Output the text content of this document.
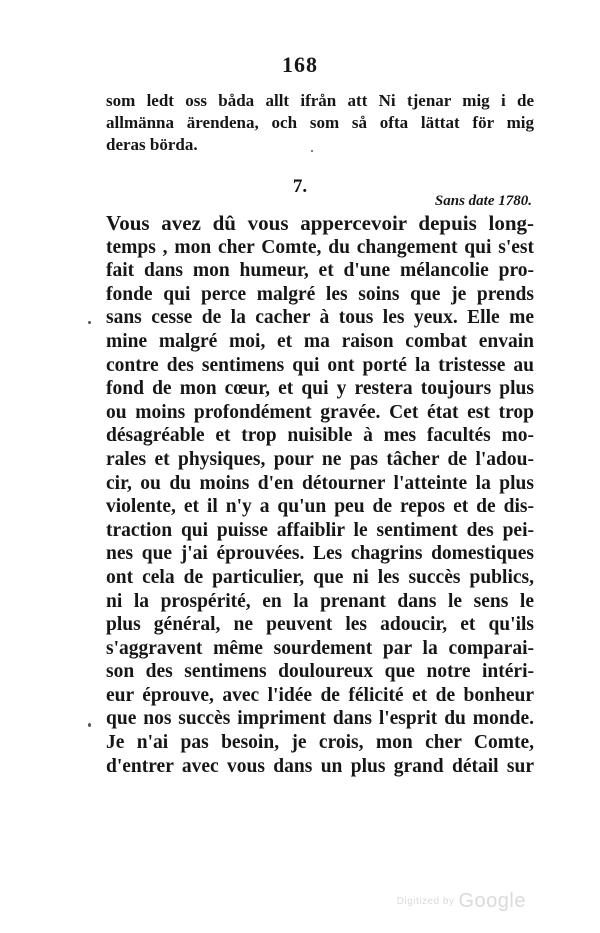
168
som ledt oss båda allt ifrån att Ni tjenar mig i de
allmänna ärendena, och som så ofta lättat för mig
deras börda.
7.
Sans date 1780.
Vous avez dû vous appercevoir depuis long-
temps , mon cher Comte, du changement qui s'est
fait dans mon humeur, et d'une mélancolie pro-
fonde qui perce malgré les soins que je prends
sans cesse de la cacher à tous les yeux. Elle me
mine malgré moi, et ma raison combat envain
contre des sentimens qui ont porté la tristesse au
fond de mon cœur, et qui y restera toujours plus
ou moins profondément gravée. Cet état est trop
désagréable et trop nuisible à mes facultés mo-
rales et physiques, pour ne pas tâcher de l'adou-
cir, ou du moins d'en détourner l'atteinte la plus
violente, et il n'y a qu'un peu de repos et de dis-
traction qui puisse affaiblir le sentiment des pei-
nes que j'ai éprouvées. Les chagrins domestiques
ont cela de particulier, que ni les succès publics,
ni la prospérité, en la prenant dans le sens le
plus général, ne peuvent les adoucir, et qu'ils
s'aggravent même sourdement par la comparai-
son des sentimens douloureux que notre intéri-
eur éprouve, avec l'idée de félicité et de bonheur
que nos succès impriment dans l'esprit du monde.
Je n'ai pas besoin, je crois, mon cher Comte,
d'entrer avec vous dans un plus grand détail sur
Digitized by Google
